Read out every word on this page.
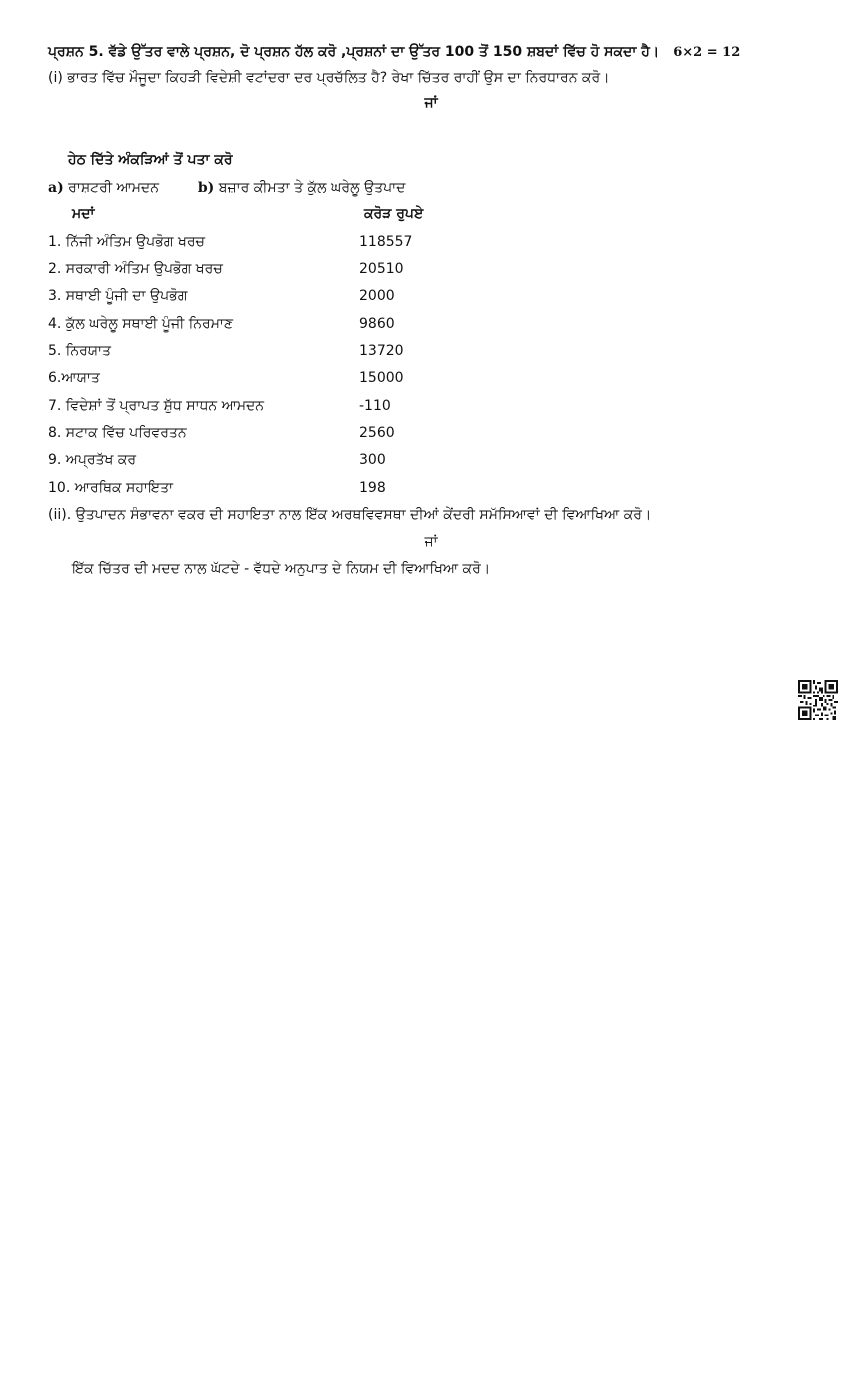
ਪ੍ਰਸ਼ਨ 5. ਵੱਡੇ ਉੱਤਰ ਵਾਲੇ ਪ੍ਰਸ਼ਨ, ਦੋ ਪ੍ਰਸ਼ਨ ਹੱਲ ਕਰੋ ,ਪ੍ਰਸ਼ਨਾਂ ਦਾ ਉੱਤਰ 100 ਤੋਂ 150 ਸ਼ਬਦਾਂ ਵਿੱਚ ਹੋ ਸਕਦਾ ਹੈ। 6×2 = 12
(i) ਭਾਰਤ ਵਿੱਚ ਮੌਜੂਦਾ ਕਿਹੜੀ ਵਿਦੇਸ਼ੀ ਵਟਾਂਦਰਾ ਦਰ ਪ੍ਰਚੱਲਿਤ ਹੈ? ਰੇਖਾ ਚਿੱਤਰ ਰਾਹੀਂ ਉਸ ਦਾ ਨਿਰਧਾਰਨ ਕਰੋ।
ਜਾਂ
ਹੇਠ ਦਿੱਤੇ ਅੰਕੜਿਆਂ ਤੋਂ ਪਤਾ ਕਰੋ
a) ਰਾਸ਼ਟਰੀ ਆਮਦਨ	b) ਬਜ਼ਾਰ ਕੀਮਤਾ ਤੇ ਕੁੱਲ ਘਰੇਲੂ ਉਤਪਾਦ
ਮਦਾਂ	ਕਰੋੜ ਰੁਪਏ
1. ਨਿੱਜੀ ਅੰਤਿਮ ਉਪਭੋਗ ਖਰਚ	118557
2. ਸਰਕਾਰੀ ਅੰਤਿਮ ਉਪਭੋਗ ਖਰਚ	20510
3. ਸਥਾਈ ਪੂੰਜੀ ਦਾ ਉਪਭੋਗ	2000
4. ਕੁੱਲ ਘਰੇਲੂ ਸਥਾਈ ਪੂੰਜੀ ਨਿਰਮਾਣ	9860
5. ਨਿਰਯਾਤ	13720
6.ਆਯਾਤ	15000
7. ਵਿਦੇਸ਼ਾਂ ਤੋਂ ਪ੍ਰਾਪਤ ਸ਼ੁੱਧ ਸਾਧਨ ਆਮਦਨ	-110
8. ਸਟਾਕ ਵਿੱਚ ਪਰਿਵਰਤਨ	2560
9. ਅਪ੍ਰਤੱਖ ਕਰ	300
10. ਆਰਥਿਕ ਸਹਾਇਤਾ	198
(ii). ਉਤਪਾਦਨ ਸੰਭਾਵਨਾ ਵਕਰ ਦੀ ਸਹਾਇਤਾ ਨਾਲ ਇੱਕ ਅਰਥਵਿਵਸਥਾ ਦੀਆਂ ਕੇਂਦਰੀ ਸਮੱਸਿਆਵਾਂ ਦੀ ਵਿਆਖਿਆ ਕਰੋ।
ਜਾਂ
ਇੱਕ ਚਿੱਤਰ ਦੀ ਮਦਦ ਨਾਲ ਘੱਟਦੇ - ਵੱਧਦੇ ਅਨੁਪਾਤ ਦੇ ਨਿਯਮ ਦੀ ਵਿਆਖਿਆ ਕਰੋ।
